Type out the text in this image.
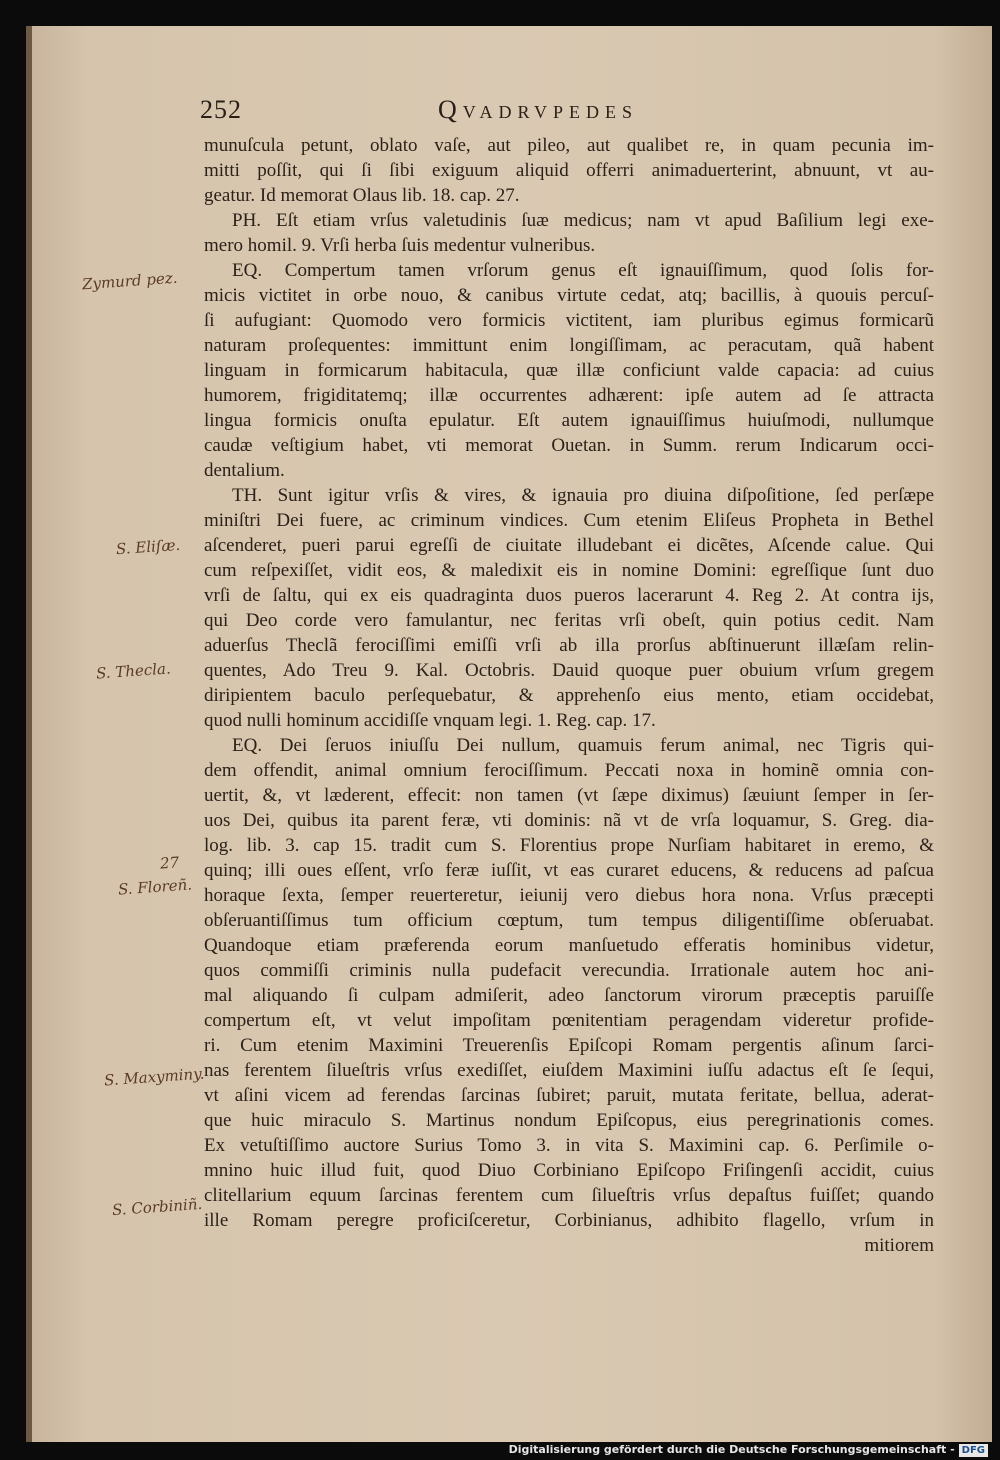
252	Qvadrvpedes
munuſcula petunt, oblato vaſe, aut pileo, aut qualibet re, in quam pecunia im-
mitti poſſit, qui ſi ſibi exiguum aliquid offerri animaduerterint, abnuunt, vt au-
geatur. Id memorat Olaus lib. 18. cap. 27.
PH. Eſt etiam vrſus valetudinis ſuæ medicus; nam vt apud Baſilium legi exe-
mero homil. 9. Vrſi herba ſuis medentur vulneribus.
EQ. Compertum tamen vrſorum genus eſt ignauiſſimum, quod ſolis for-
micis victitet in orbe nouo, & canibus virtute cedat, atq; bacillis, à quouis percuſ-
ſi aufugiant: Quomodo vero formicis victitent, iam pluribus egimus formicarũ
naturam proſequentes: immittunt enim longiſſimam, ac peracutam, quã habent
linguam in formicarum habitacula, quæ illæ conficiunt valde capacia: ad cuius
humorem, frigiditatemq; illæ occurrentes adhærent: ipſe autem ad ſe attracta
lingua formicis onuſta epulatur. Eſt autem ignauiſſimus huiuſmodi, nullumque
caudæ veſtigium habet, vti memorat Ouetan. in Summ. rerum Indicarum occi-
dentalium.
TH. Sunt igitur vrſis & vires, & ignauia pro diuina diſpoſitione, ſed perſæpe
miniſtri Dei fuere, ac criminum vindices. Cum etenim Eliſeus Propheta in Bethel
aſcenderet, pueri parui egreſſi de ciuitate illudebant ei dicẽtes, Aſcende calue. Qui
cum reſpexiſſet, vidit eos, & maledixit eis in nomine Domini: egreſſique ſunt duo
vrſi de ſaltu, qui ex eis quadraginta duos pueros lacerarunt 4. Reg 2. At contra ijs,
qui Deo corde vero famulantur, nec feritas vrſi obeſt, quin potius cedit. Nam
aduerſus Theclã ferociſſimi emiſſi vrſi ab illa prorſus abſtinuerunt illæſam relin-
quentes, Ado Treu 9. Kal. Octobris. Dauid quoque puer obuium vrſum gregem
diripientem baculo perſequebatur, & apprehenſo eius mento, etiam occidebat,
quod nulli hominum accidiſſe vnquam legi. 1. Reg. cap. 17.
EQ. Dei ſeruos iniuſſu Dei nullum, quamuis ferum animal, nec Tigris qui-
dem offendit, animal omnium ferociſſimum. Peccati noxa in hominẽ omnia con-
uertit, &, vt læderent, effecit: non tamen (vt ſæpe diximus) ſæuiunt ſemper in ſer-
uos Dei, quibus ita parent feræ, vti dominis: nã vt de vrſa loquamur, S. Greg. dia-
log. lib. 3. cap 15. tradit cum S. Florentius prope Nurſiam habitaret in eremo, &
quinq; illi oues eſſent, vrſo feræ iuſſit, vt eas curaret educens, & reducens ad paſcua
horaque ſexta, ſemper reuerteretur, ieiunij vero diebus hora nona. Vrſus præcepti
obſeruantiſſimus tum officium cœptum, tum tempus diligentiſſime obſeruabat.
Quandoque etiam præferenda eorum manſuetudo efferatis hominibus videtur,
quos commiſſi criminis nulla pudefacit verecundia. Irrationale autem hoc ani-
mal aliquando ſi culpam admiſerit, adeo ſanctorum virorum præceptis paruiſſe
compertum eſt, vt velut impoſitam pœnitentiam peragendam videretur profide-
ri. Cum etenim Maximini Treuerenſis Epiſcopi Romam pergentis aſinum ſarci-
nas ferentem ſilueſtris vrſus exediſſet, eiuſdem Maximini iuſſu adactus eſt ſe ſequi,
vt aſini vicem ad ferendas ſarcinas ſubiret; paruit, mutata feritate, bellua, aderat-
que huic miraculo S. Martinus nondum Epiſcopus, eius peregrinationis comes.
Ex vetuſtiſſimo auctore Surius Tomo 3. in vita S. Maximini cap. 6. Perſimile o-
mnino huic illud fuit, quod Diuo Corbiniano Epiſcopo Friſingenſi accidit, cuius
clitellarium equum ſarcinas ferentem cum ſilueſtris vrſus depaſtus fuiſſet; quando
ille Romam peregre proficiſceretur, Corbinianus, adhibito flagello, vrſum in
mitiorem
Zymurd pez.
S. Eliſæ.
S. Thecla.
27
S. Floreñ.
S. Maxyminy.
S. Corbiniñ.
Digitalisierung gefördert durch die Deutsche Forschungsgemeinschaft - DFG
